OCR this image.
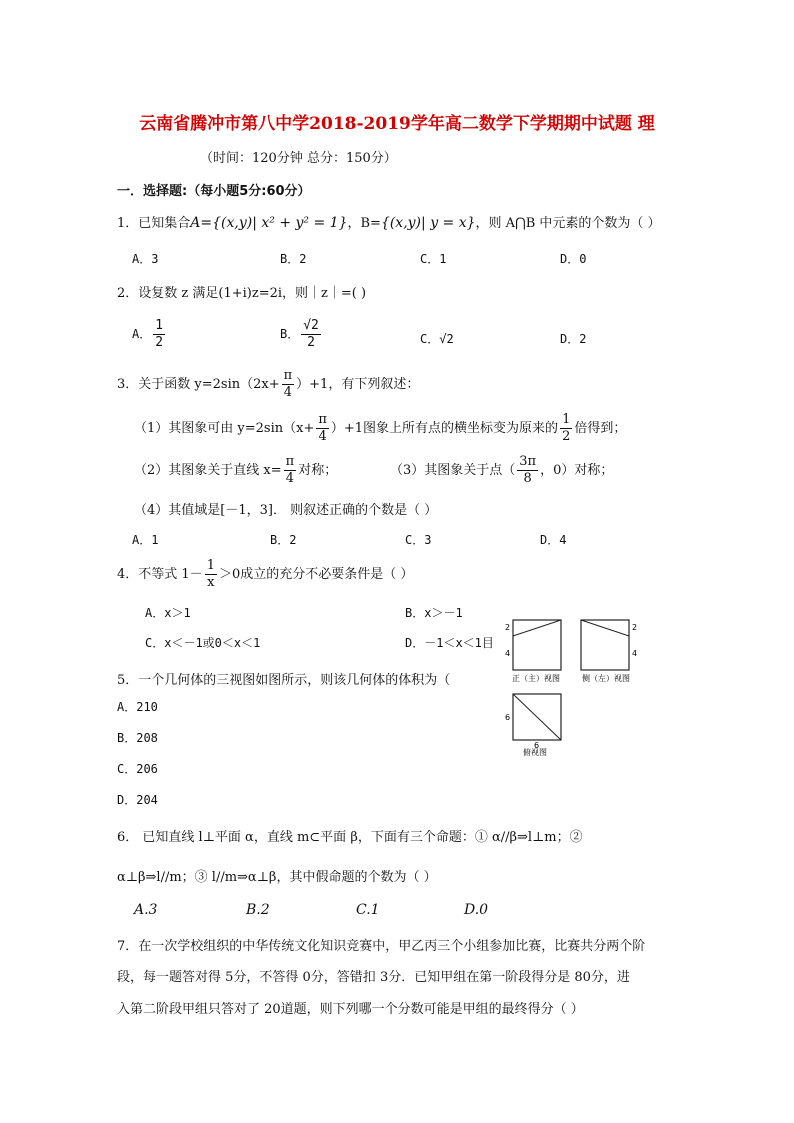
云南省腾冲市第八中学2018-2019学年高二数学下学期期中试题 理
（时间：120分钟 总分：150分）
一．选择题:（每小题5分:60分）
1．已知集合A={(x,y)| x² + y² = 1}，B={(x,y)| y = x}，则 A⋂B 中元素的个数为（ ）
A．3	B．2	C．1	D．0
2．设复数 z 满足(1+i)z=2i，则｜z｜=( )
A． $\frac{1}{2}$	B． $\frac{√2}{2}$	C．√2	D．2
3．关于函数 $y=2\sin(2x+ \frac{\pi}{4} )+1$，有下列叙述：
（1）其图象可由 $y=2\sin(x+ \frac{\pi}{4} )+1$图象上所有点的横坐标变为原来的 $\frac{1}{2}$ 倍得到；
（2）其图象关于直线 $x= \frac{\pi}{4}$ 对称；	（3）其图象关于点（ $\frac{3\pi}{8}$ ，0）对称；
（4）其值域是[－1，3]． 则叙述正确的个数是（ ）
A．1	B．2	C．3	D．4
4．不等式 $1- \frac{1}{x} >0$成立的充分不必要条件是（ ）
A．x＞1	B．x＞－1
C．x＜－1或0＜x＜1	D．－1＜x＜1目
5．一个几何体的三视图如图所示，则该几何体的体积为（
A．210
B．208
C．206
D．204
2
4
2
4
6
6
正（主）视图	侧（左）视图
俯视图
6． 已知直线 l⊥平面 α，直线 m⊂平面 β，下面有三个命题：① α//β⇒l⊥m；②
α⊥β⇒l//m；③ l//m⇒α⊥β，其中假命题的个数为（ ）
A.3	B.2	C.1	D.0
7．在一次学校组织的中华传统文化知识竞赛中，甲乙丙三个小组参加比赛，比赛共分两个阶
段，每一题答对得 5分，不答得 0分，答错扣 3分．已知甲组在第一阶段得分是 80分，进
入第二阶段甲组只答对了 20道题，则下列哪一个分数可能是甲组的最终得分（ ）
